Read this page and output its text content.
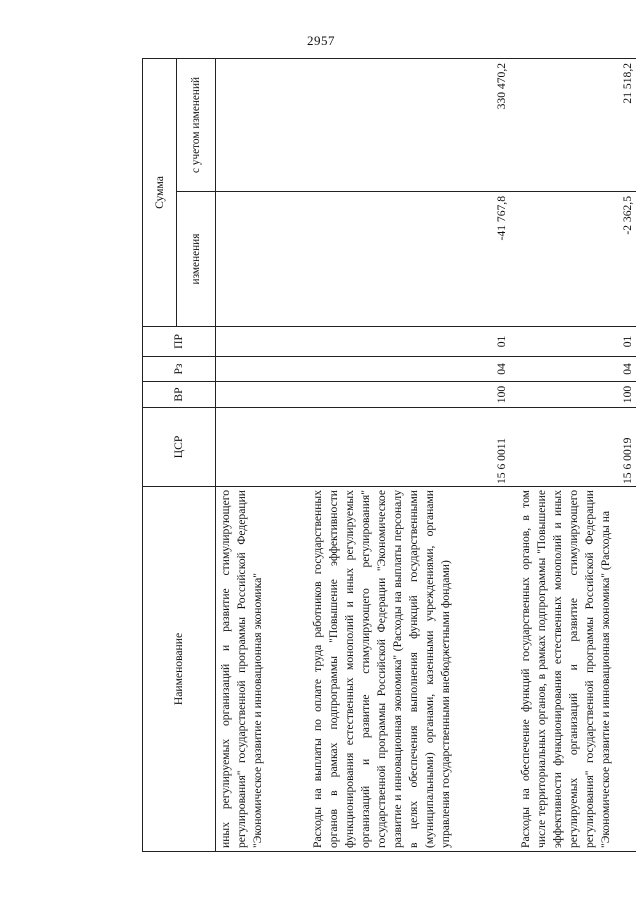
2957
Наименование	ЦСР	ВР	Рз	ПР	Сумма	
					изменения	с учетом изменений
иных регулируемых организаций и развитие стимулирующего регулирования" государственной программы Российской Федерации "Экономическое развитие и инновационная экономика"						
Расходы на выплаты по оплате труда работников государственных органов в рамках подпрограммы "Повышение эффективности функционирования естественных монополий и иных регулируемых организаций и развитие стимулирующего регулирования" государственной программы Российской Федерации "Экономическое развитие и инновационная экономика" (Расходы на выплаты персоналу в целях обеспечения выполнения функций государственными (муниципальными) органами, казенными учреждениями, органами управления государственными внебюджетными фондами)	15 6 0011	100	04	01	-41 767,8	330 470,2
Расходы на обеспечение функций государственных органов, в том числе территориальных органов, в рамках подпрограммы "Повышение эффективности функционирования естественных монополий и иных регулируемых организаций и развитие стимулирующего регулирования" государственной программы Российской Федерации "Экономическое развитие и инновационная экономика" (Расходы на	15 6 0019	100	04	01	-2 362,5	21 518,2
